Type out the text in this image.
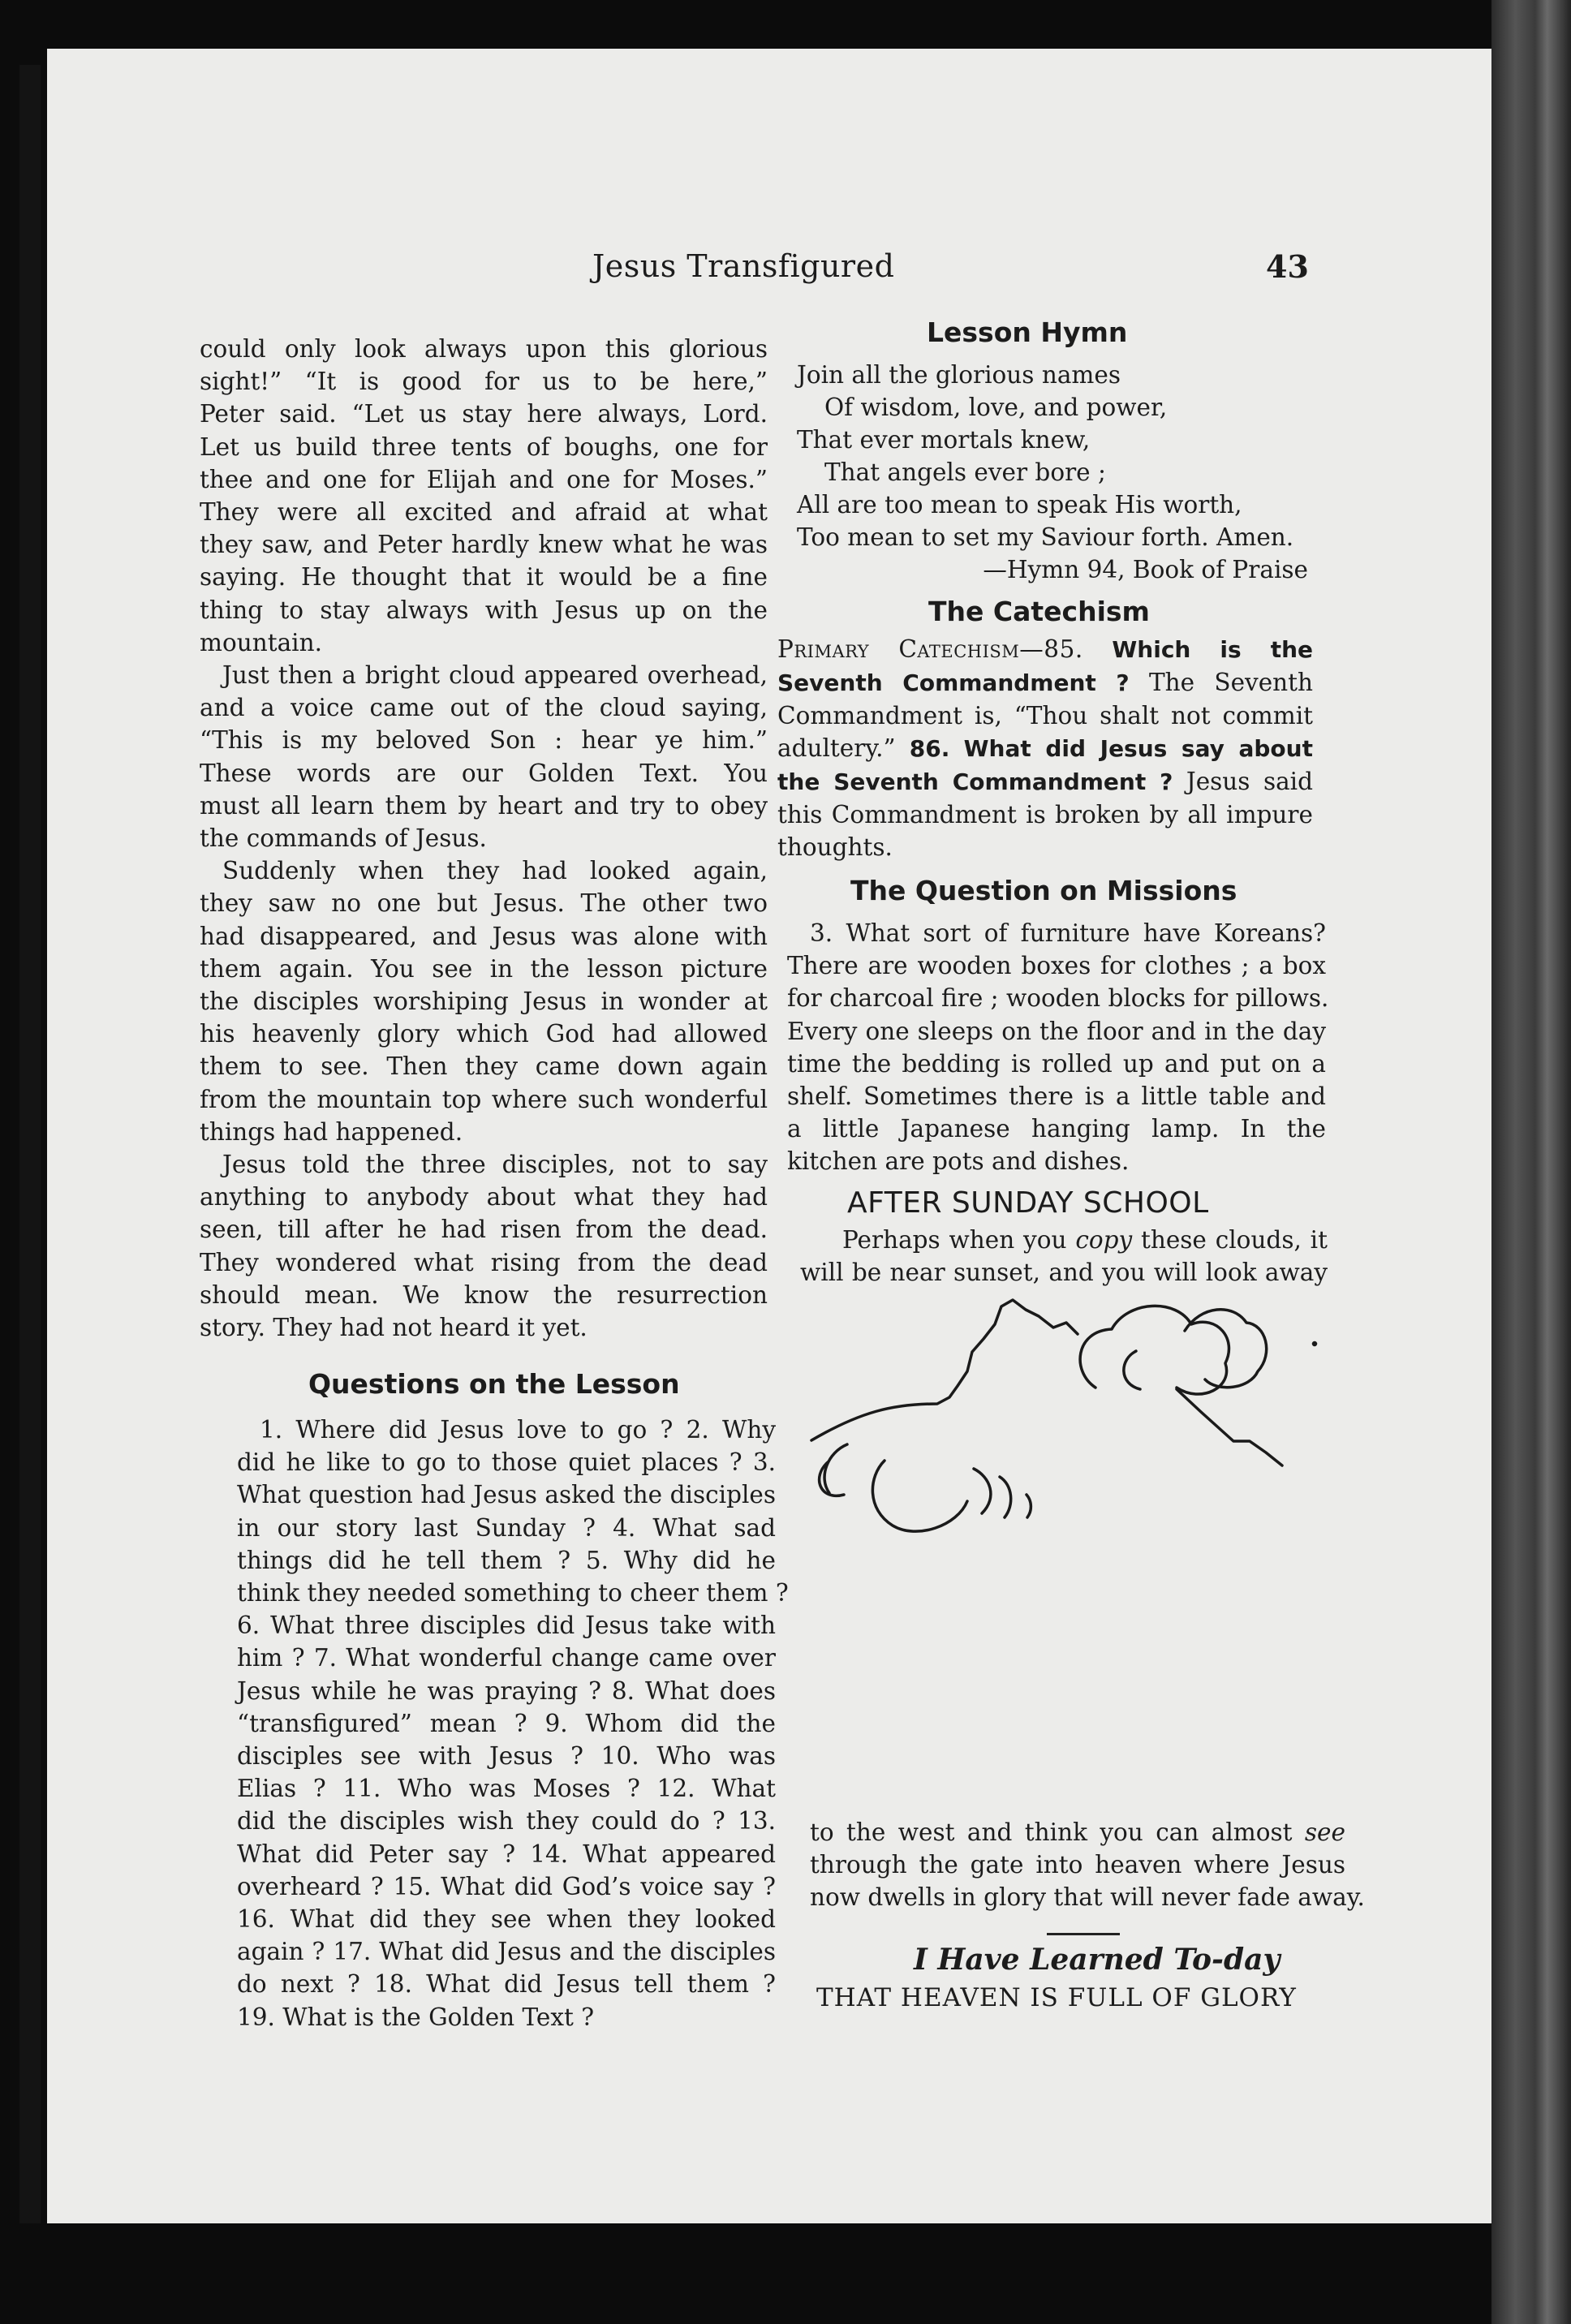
Jesus Transfigured	43
could only look always upon this glorious
sight!” “It is good for us to be here,”
Peter said. “Let us stay here always, Lord.
Let us build three tents of boughs, one for
thee and one for Elijah and one for Moses.”
They were all excited and afraid at what
they saw, and Peter hardly knew what he was
saying. He thought that it would be a fine
thing to stay always with Jesus up on the
mountain.
Just then a bright cloud appeared overhead,
and a voice came out of the cloud saying,
“This is my beloved Son : hear ye him.”
These words are our Golden Text. You
must all learn them by heart and try to obey
the commands of Jesus.
Suddenly when they had looked again,
they saw no one but Jesus. The other two
had disappeared, and Jesus was alone with
them again. You see in the lesson picture
the disciples worshiping Jesus in wonder at
his heavenly glory which God had allowed
them to see. Then they came down again
from the mountain top where such wonderful
things had happened.
Jesus told the three disciples, not to say
anything to anybody about what they had
seen, till after he had risen from the dead.
They wondered what rising from the dead
should mean. We know the resurrection
story. They had not heard it yet.
Questions on the Lesson
1. Where did Jesus love to go ? 2. Why
did he like to go to those quiet places ? 3.
What question had Jesus asked the disciples
in our story last Sunday ? 4. What sad
things did he tell them ? 5. Why did he
think they needed something to cheer them ?
6. What three disciples did Jesus take with
him ? 7. What wonderful change came over
Jesus while he was praying ? 8. What does
“transfigured” mean ? 9. Whom did the
disciples see with Jesus ? 10. Who was
Elias ? 11. Who was Moses ? 12. What
did the disciples wish they could do ? 13.
What did Peter say ? 14. What appeared
overheard ? 15. What did God’s voice say ?
16. What did they see when they looked
again ? 17. What did Jesus and the disciples
do next ? 18. What did Jesus tell them ?
19. What is the Golden Text ?
Lesson Hymn
Join all the glorious names
Of wisdom, love, and power,
That ever mortals knew,
That angels ever bore ;
All are too mean to speak His worth,
Too mean to set my Saviour forth. Amen.
—Hymn 94, Book of Praise
The Catechism
Primary Catechism—85. Which is the Seventh Commandment ? The Seventh Commandment is, “Thou shalt not commit adultery.” 86. What did Jesus say about the Seventh Commandment ? Jesus said this Commandment is broken by all impure thoughts.
The Question on Missions
3. What sort of furniture have Koreans?
There are wooden boxes for clothes ; a box
for charcoal fire ; wooden blocks for pillows.
Every one sleeps on the floor and in the day
time the bedding is rolled up and put on a
shelf. Sometimes there is a little table and
a little Japanese hanging lamp. In the
kitchen are pots and dishes.
AFTER SUNDAY SCHOOL
Perhaps when you copy these clouds, it
will be near sunset, and you will look away
to the west and think you can almost see
through the gate into heaven where Jesus
now dwells in glory that will never fade away.
I Have Learned To-day
THAT HEAVEN IS FULL OF GLORY
